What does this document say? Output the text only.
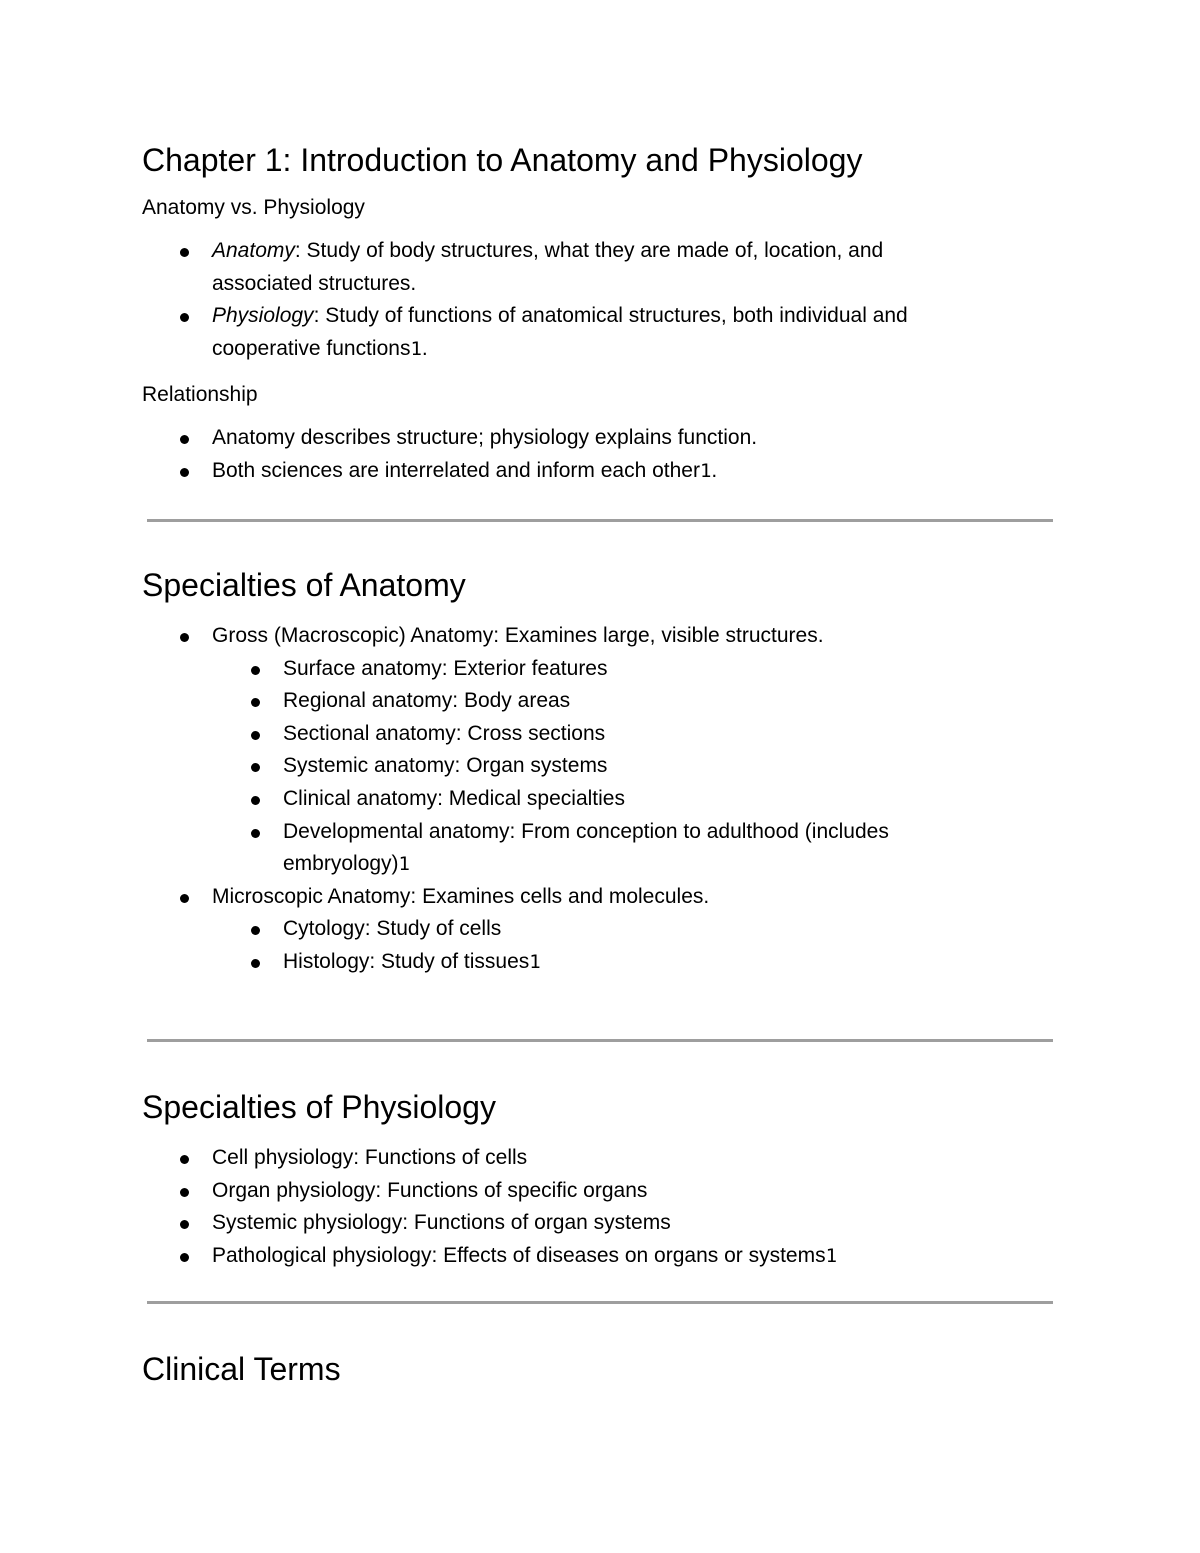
Chapter 1: Introduction to Anatomy and Physiology

Anatomy vs. Physiology

Anatomy: Study of body structures, what they are made of, location, and
associated structures.
Physiology: Study of functions of anatomical structures, both individual and
cooperative functions1.

Relationship

Anatomy describes structure; physiology explains function.
Both sciences are interrelated and inform each other1.
Specialties of Anatomy
Gross (Macroscopic) Anatomy: Examines large, visible structures.
Surface anatomy: Exterior features
Regional anatomy: Body areas
Sectional anatomy: Cross sections
Systemic anatomy: Organ systems
Clinical anatomy: Medical specialties
Developmental anatomy: From conception to adulthood (includes
embryology)1
Microscopic Anatomy: Examines cells and molecules.
Cytology: Study of cells
Histology: Study of tissues1
Specialties of Physiology
Cell physiology: Functions of cells
Organ physiology: Functions of specific organs
Systemic physiology: Functions of organ systems
Pathological physiology: Effects of diseases on organs or systems1
Clinical Terms
